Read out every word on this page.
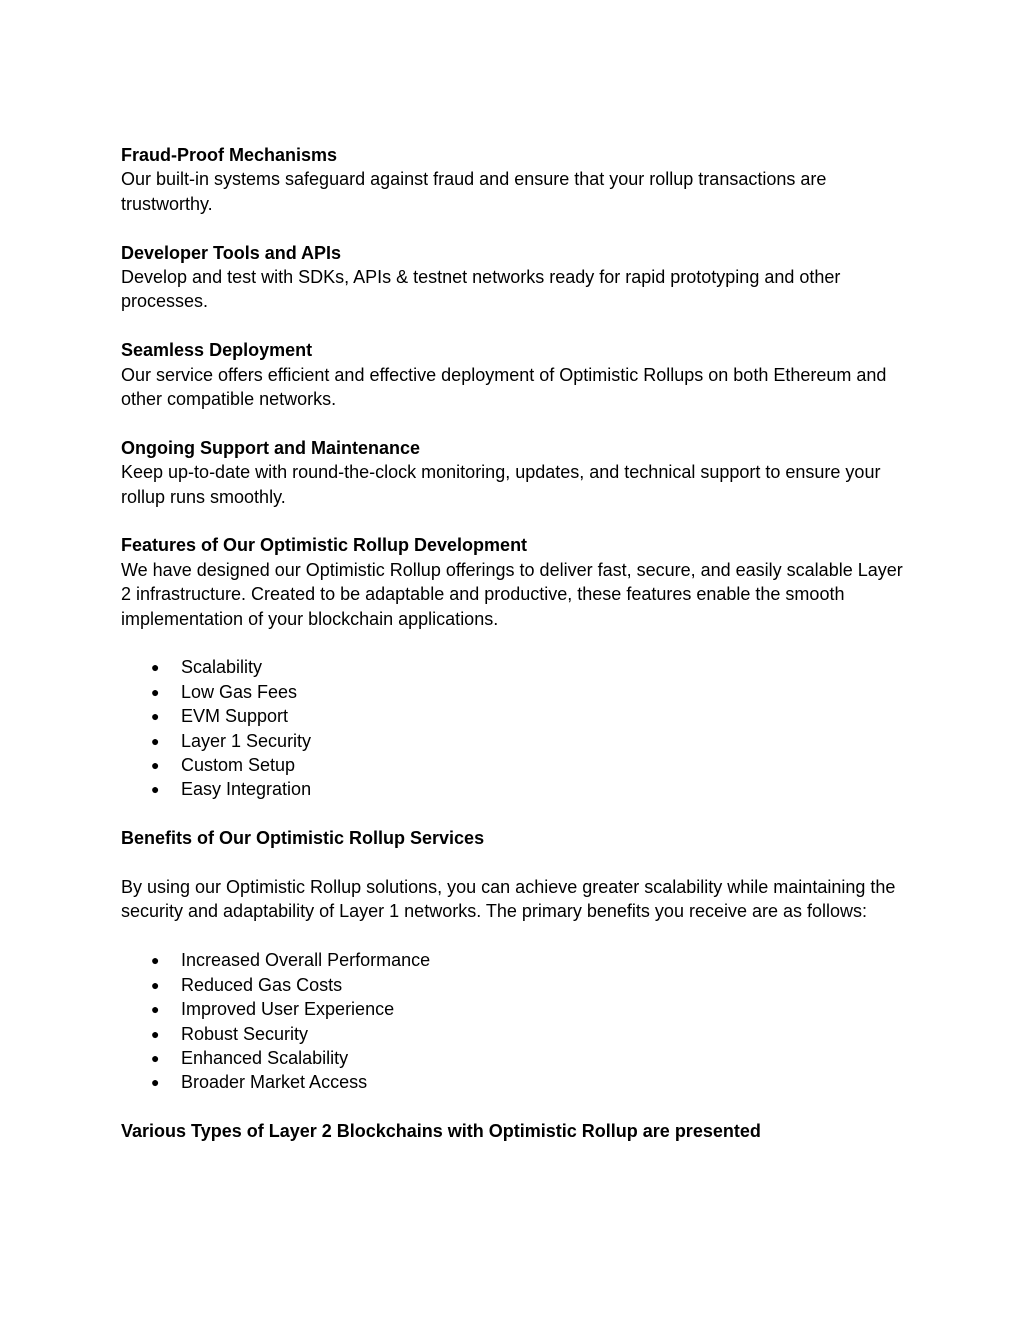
Fraud-Proof Mechanisms

Our built-in systems safeguard against fraud and ensure that your rollup transactions are trustworthy.

Developer Tools and APIs

Develop and test with SDKs, APIs & testnet networks ready for rapid prototyping and other processes.

Seamless Deployment

Our service offers efficient and effective deployment of Optimistic Rollups on both Ethereum and other compatible networks.

Ongoing Support and Maintenance

Keep up-to-date with round-the-clock monitoring, updates, and technical support to ensure your rollup runs smoothly.

Features of Our Optimistic Rollup Development

We have designed our Optimistic Rollup offerings to deliver fast, secure, and easily scalable Layer 2 infrastructure. Created to be adaptable and productive, these features enable the smooth implementation of your blockchain applications.

● Scalability
● Low Gas Fees
● EVM Support
● Layer 1 Security
● Custom Setup
● Easy Integration

Benefits of Our Optimistic Rollup Services

By using our Optimistic Rollup solutions, you can achieve greater scalability while maintaining the security and adaptability of Layer 1 networks. The primary benefits you receive are as follows:

● Increased Overall Performance
● Reduced Gas Costs
● Improved User Experience
● Robust Security
● Enhanced Scalability
● Broader Market Access

Various Types of Layer 2 Blockchains with Optimistic Rollup are presented
